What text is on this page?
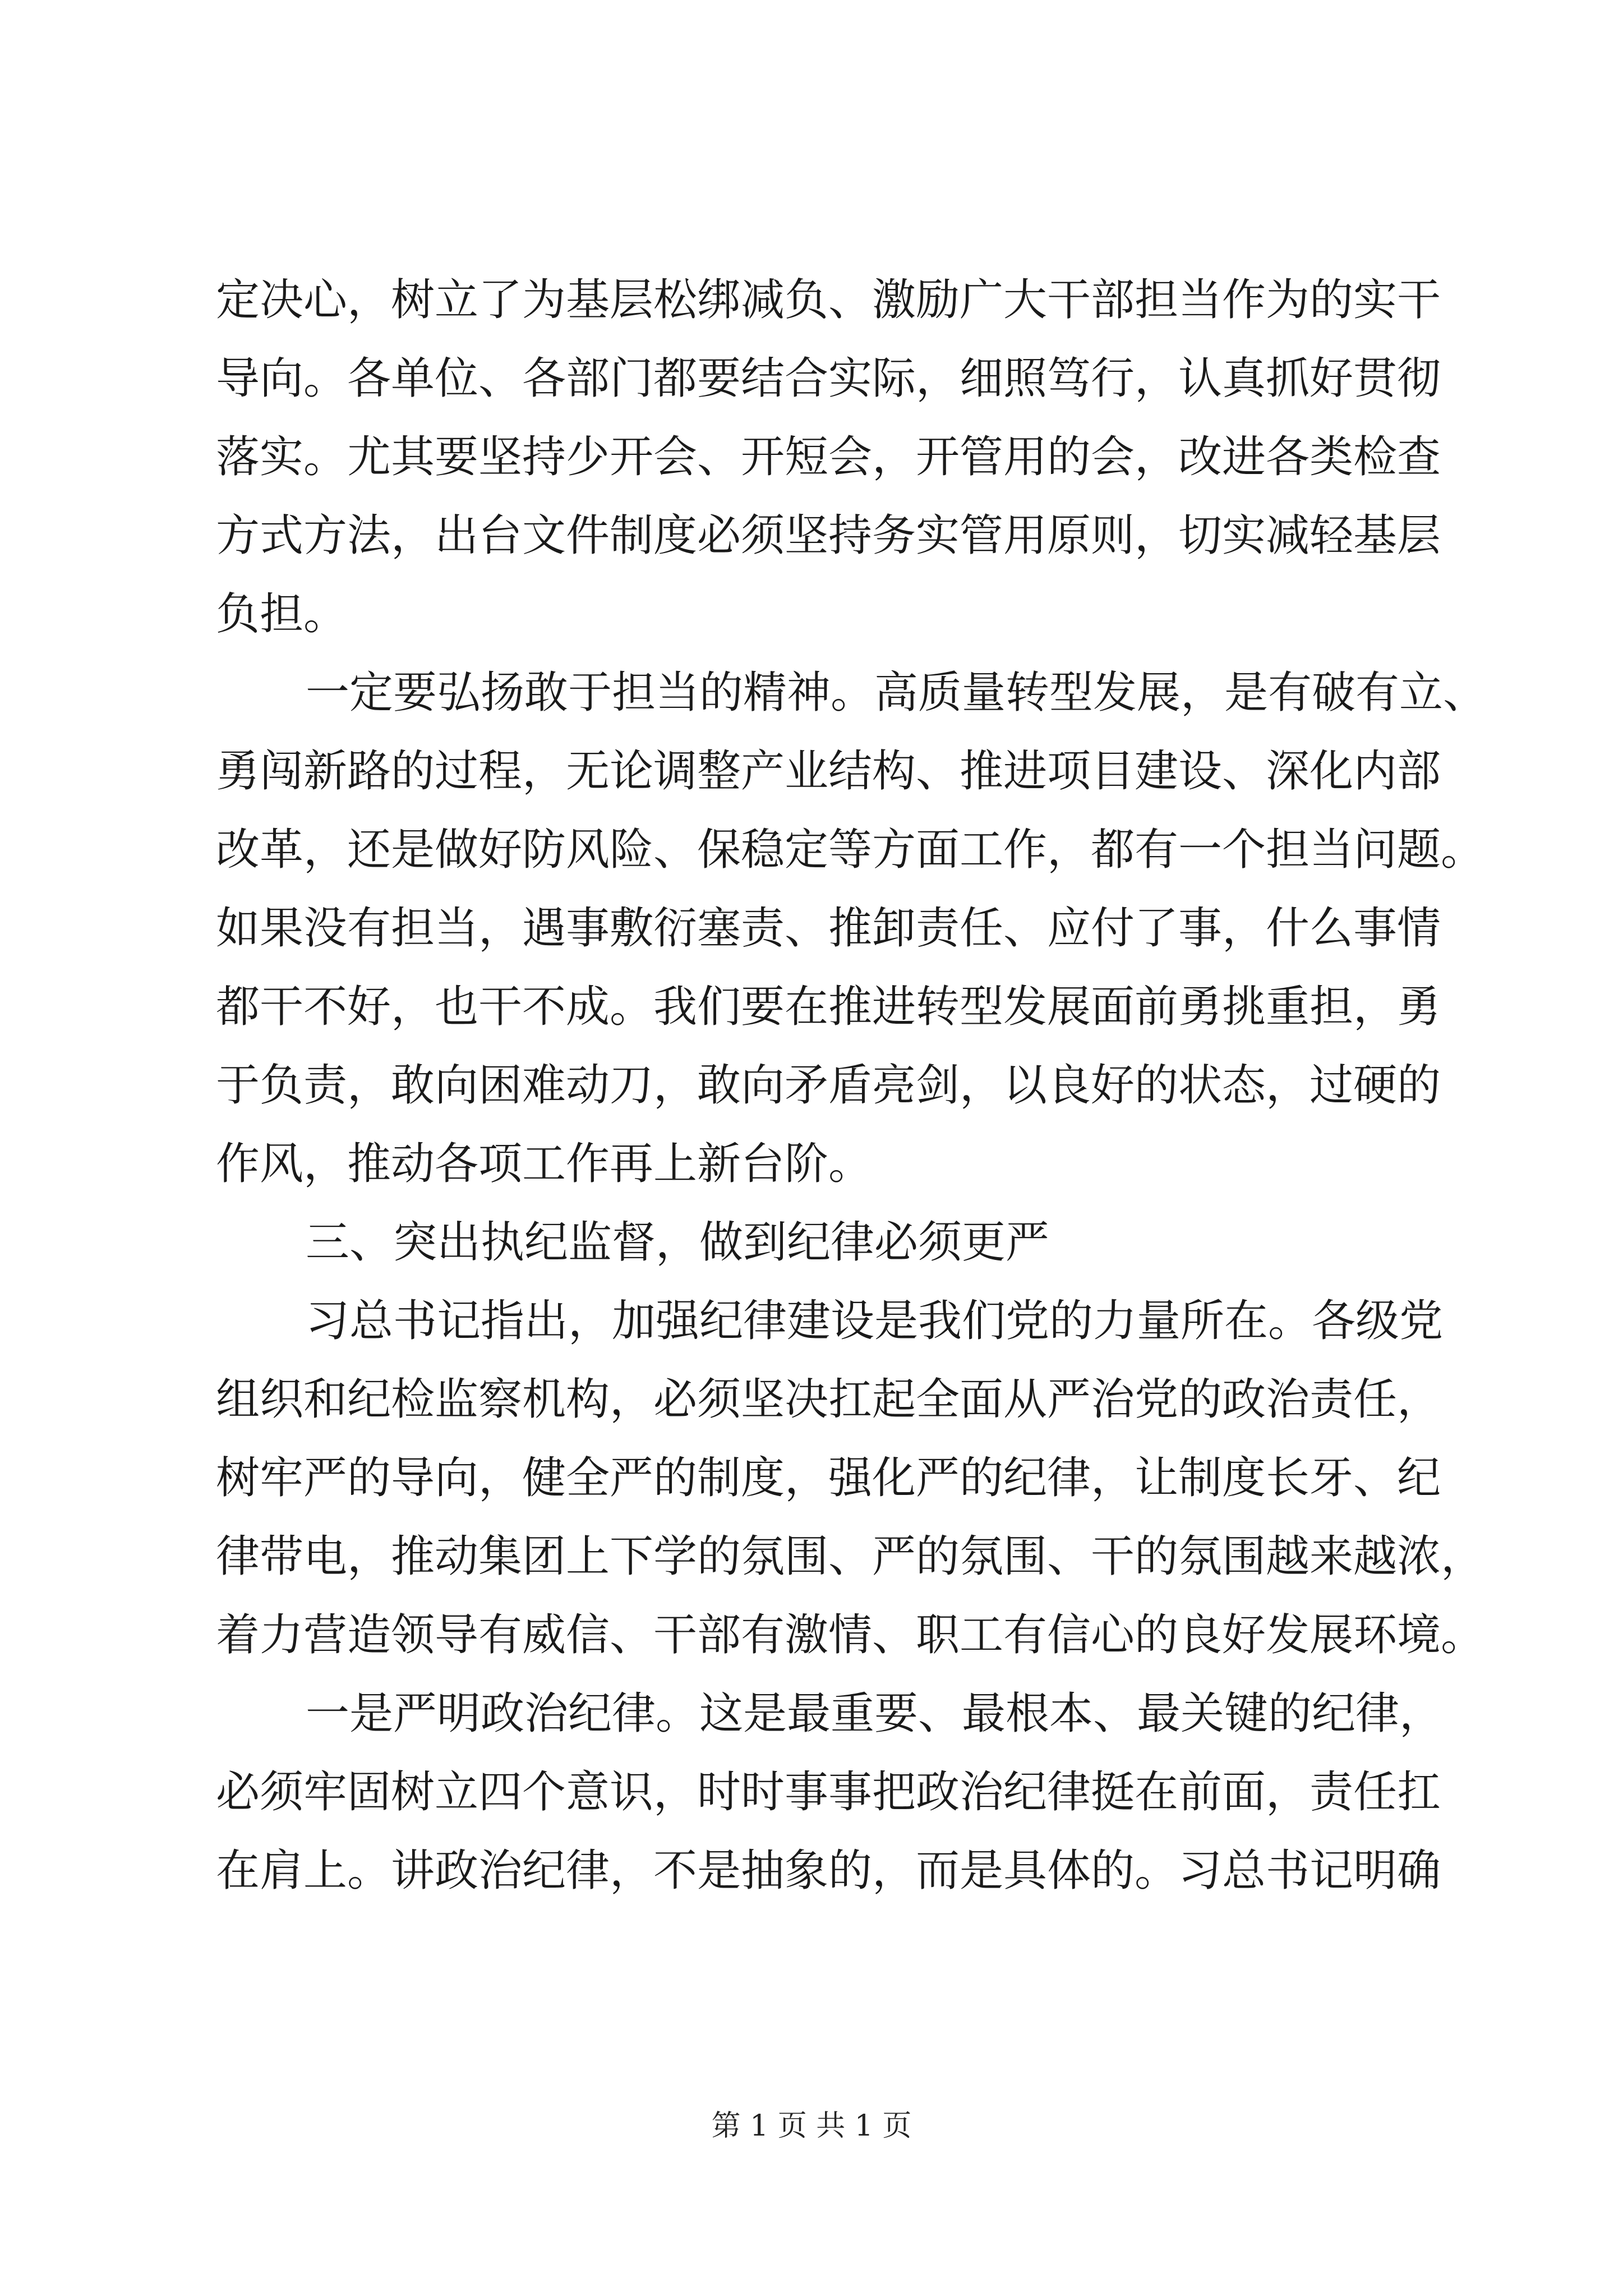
定决心，树立了为基层松绑减负、激励广大干部担当作为的实干
导向。各单位、各部门都要结合实际，细照笃行，认真抓好贯彻
落实。尤其要坚持少开会、开短会，开管用的会，改进各类检查
方式方法，出台文件制度必须坚持务实管用原则，切实减轻基层
负担。
一定要弘扬敢于担当的精神。高质量转型发展，是有破有立、
勇闯新路的过程，无论调整产业结构、推进项目建设、深化内部
改革，还是做好防风险、保稳定等方面工作，都有一个担当问题。
如果没有担当，遇事敷衍塞责、推卸责任、应付了事，什么事情
都干不好，也干不成。我们要在推进转型发展面前勇挑重担，勇
于负责，敢向困难动刀，敢向矛盾亮剑，以良好的状态，过硬的
作风，推动各项工作再上新台阶。
三、突出执纪监督，做到纪律必须更严
习总书记指出，加强纪律建设是我们党的力量所在。各级党
组织和纪检监察机构，必须坚决扛起全面从严治党的政治责任，
树牢严的导向，健全严的制度，强化严的纪律，让制度长牙、纪
律带电，推动集团上下学的氛围、严的氛围、干的氛围越来越浓，
着力营造领导有威信、干部有激情、职工有信心的良好发展环境。
一是严明政治纪律。这是最重要、最根本、最关键的纪律，
必须牢固树立四个意识，时时事事把政治纪律挺在前面，责任扛
在肩上。讲政治纪律，不是抽象的，而是具体的。习总书记明确
第 1 页 共 1 页
